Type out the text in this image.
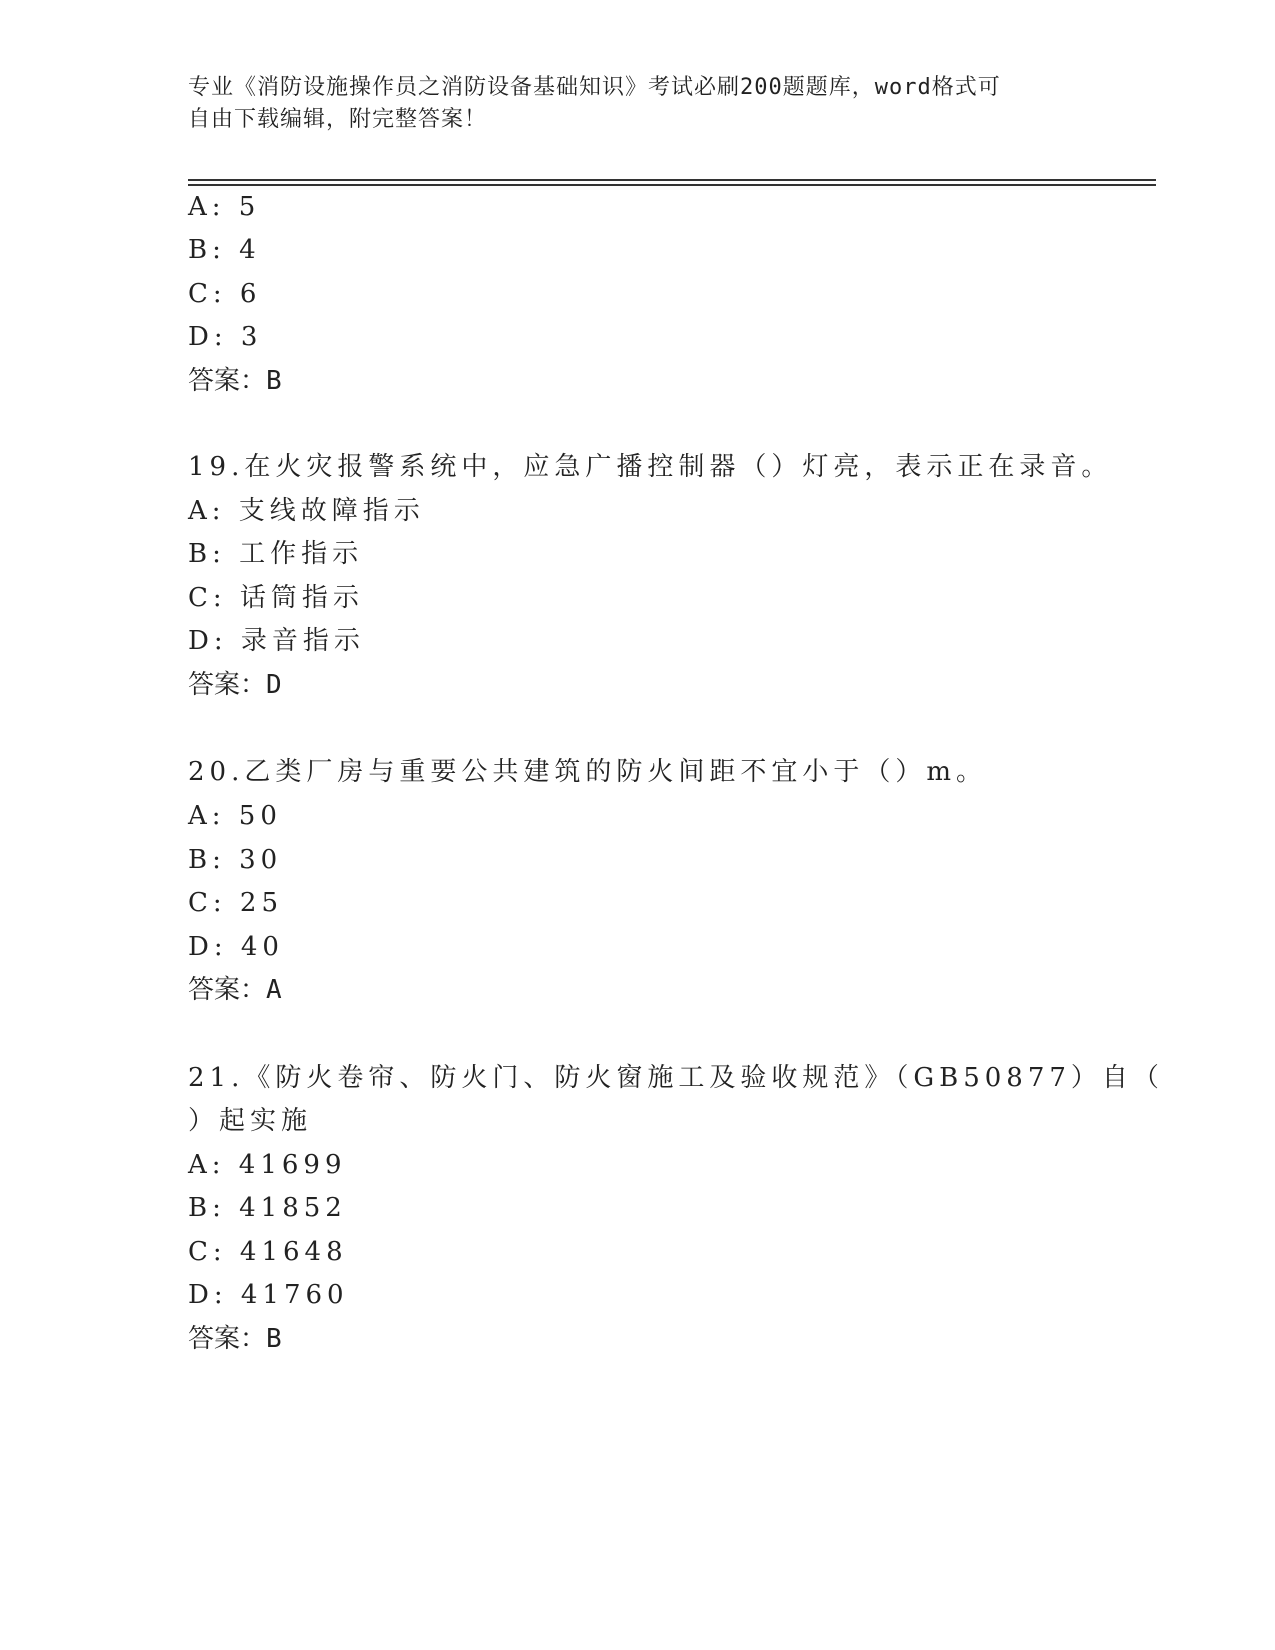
专业《消防设施操作员之消防设备基础知识》考试必刷200题题库，word格式可
自由下载编辑，附完整答案！
A: 5
B: 4
C: 6
D: 3
答案：B
19.在火灾报警系统中，应急广播控制器（）灯亮，表示正在录音。
A: 支线故障指示
B: 工作指示
C: 话筒指示
D: 录音指示
答案：D
20.乙类厂房与重要公共建筑的防火间距不宜小于（）m。
A: 50
B: 30
C: 25
D: 40
答案：A
21.《防火卷帘、防火门、防火窗施工及验收规范》（GB50877）自（
）起实施
A: 41699
B: 41852
C: 41648
D: 41760
答案：B
